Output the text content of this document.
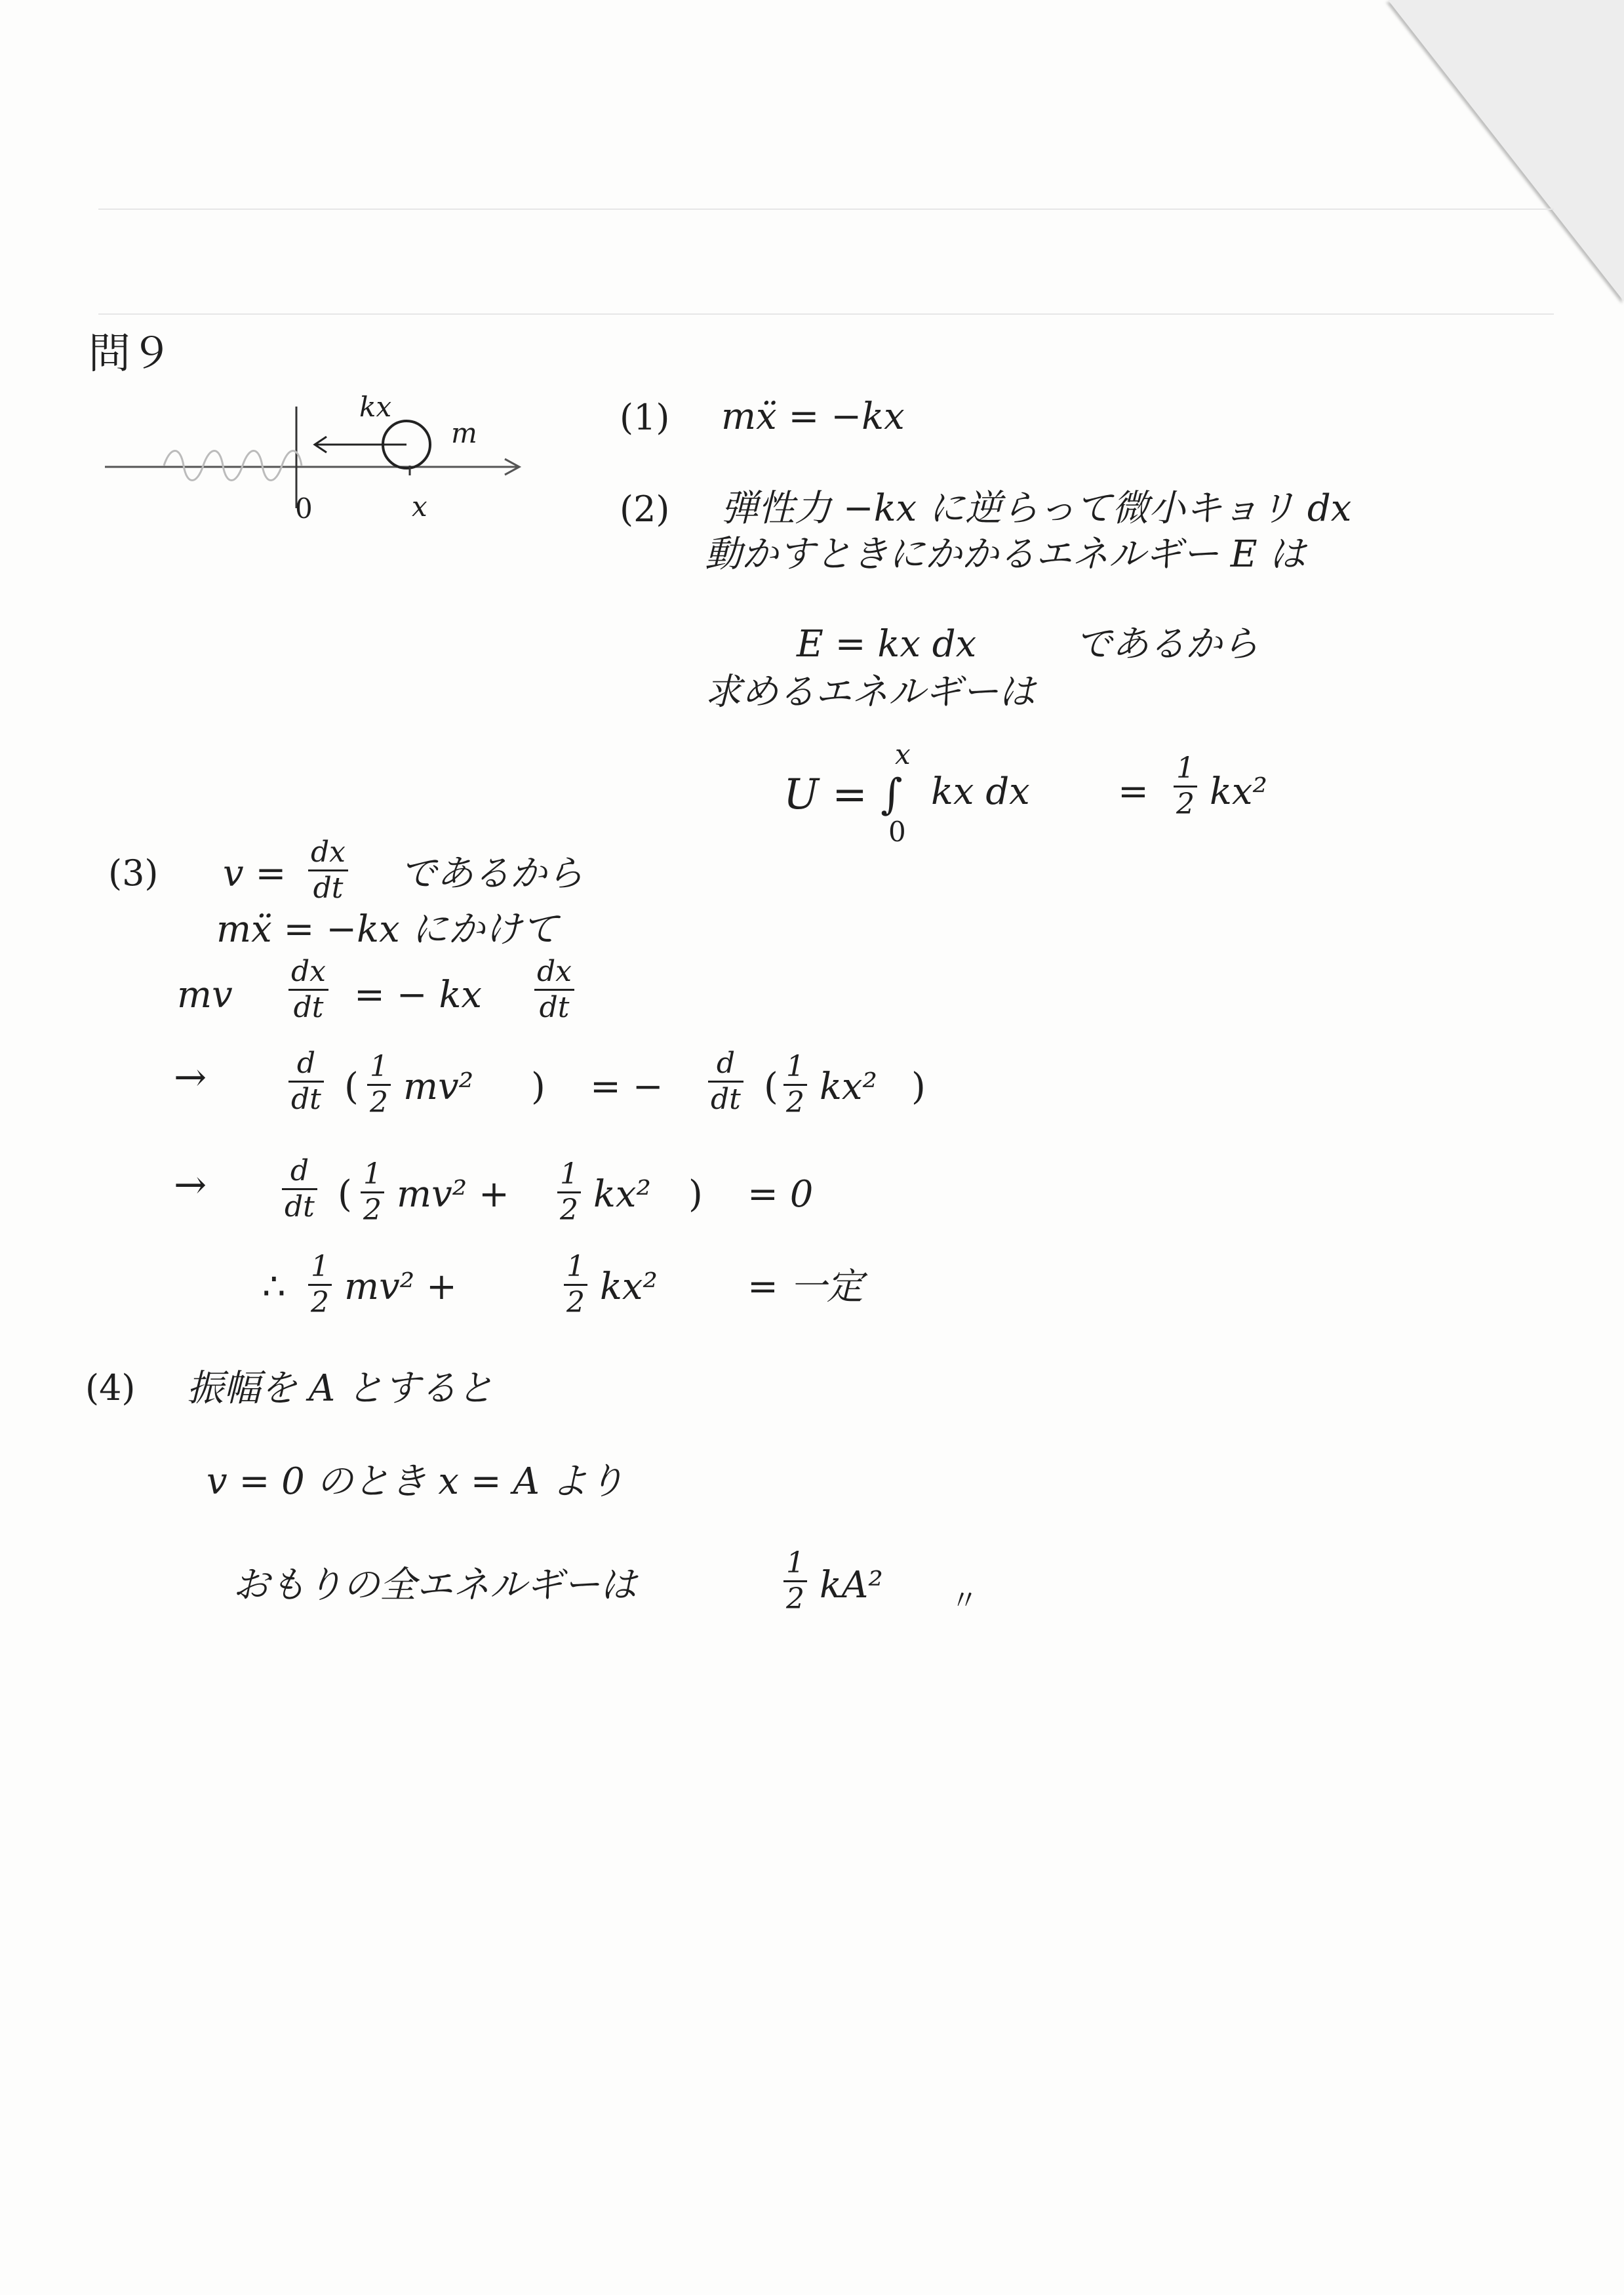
問９
kx
m
0	x
(1) mẍ = −kx
(2) 弾性力 −kx に逆らって微小キョリ dx
動かすときにかかるエネルギー E は
E = kx dx	であるから
求めるエネルギーは
U = ∫
x
0
kx dx =
1
2 kx²
(3) v =
dx
dt であるから
mẍ = −kx にかけて
mv
dx
dt = − kx
dx
dt
→	d
dt ( 1
2 mv² ) = −
d
dt ( 1
2 kx² )
→	d
dt ( 1
2 mv² + 1
2 kx² ) = 0
∴ 1
2 mv² +	1
2 kx² = 一定
(4) 振幅を A とすると
v = 0 のとき x = A より
おもりの全エネルギーは
1
2 kA² 〃
